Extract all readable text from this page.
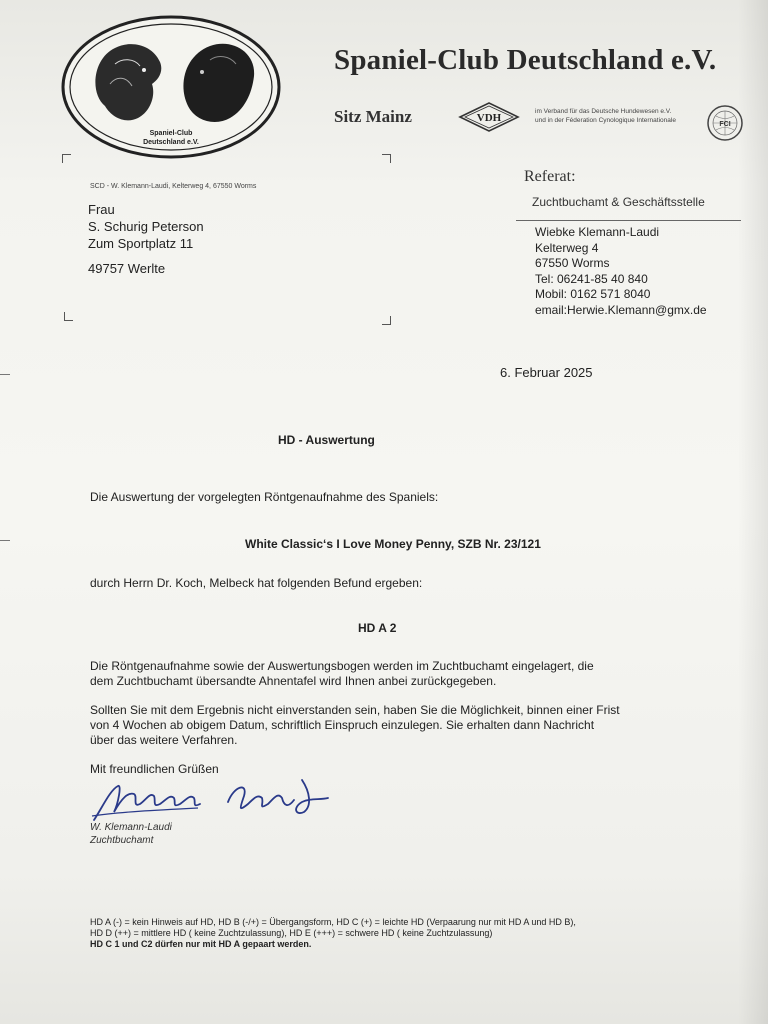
Spaniel-Club
Deutschland e.V.
Spaniel-Club Deutschland e.V.
Sitz Mainz	VDH
im Verband für das Deutsche Hundewesen e.V.
und in der Féderation Cynologique Internationale
FCI
SCD - W. Klemann-Laudi, Kelterweg 4, 67550 Worms
Frau
S. Schurig Peterson
Zum Sportplatz 11
49757 Werlte
Referat:
Zuchtbuchamt & Geschäftsstelle
Wiebke Klemann-Laudi
Kelterweg 4
67550 Worms
Tel: 06241-85 40 840
Mobil: 0162 571 8040
email:Herwie.Klemann@gmx.de
6. Februar 2025
HD - Auswertung
Die Auswertung der vorgelegten Röntgenaufnahme des Spaniels:
White Classic‘s I Love Money Penny, SZB Nr. 23/121
durch Herrn Dr. Koch, Melbeck hat folgenden Befund ergeben:
HD A 2
Die Röntgenaufnahme sowie der Auswertungsbogen werden im Zuchtbuchamt eingelagert, die
dem Zuchtbuchamt übersandte Ahnentafel wird Ihnen anbei zurückgegeben.
Sollten Sie mit dem Ergebnis nicht einverstanden sein, haben Sie die Möglichkeit, binnen einer Frist
von 4 Wochen ab obigem Datum, schriftlich Einspruch einzulegen. Sie erhalten dann Nachricht
über das weitere Verfahren.
Mit freundlichen Grüßen
W. Klemann-Laudi
Zuchtbuchamt
HD A (-) = kein Hinweis auf HD, HD B (-/+) = Übergangsform, HD C (+) = leichte HD (Verpaarung nur mit HD A und HD B),
HD D (++) = mittlere HD ( keine Zuchtzulassung), HD E (+++) = schwere HD ( keine Zuchtzulassung)
HD C 1 und C2 dürfen nur mit HD A gepaart werden.
